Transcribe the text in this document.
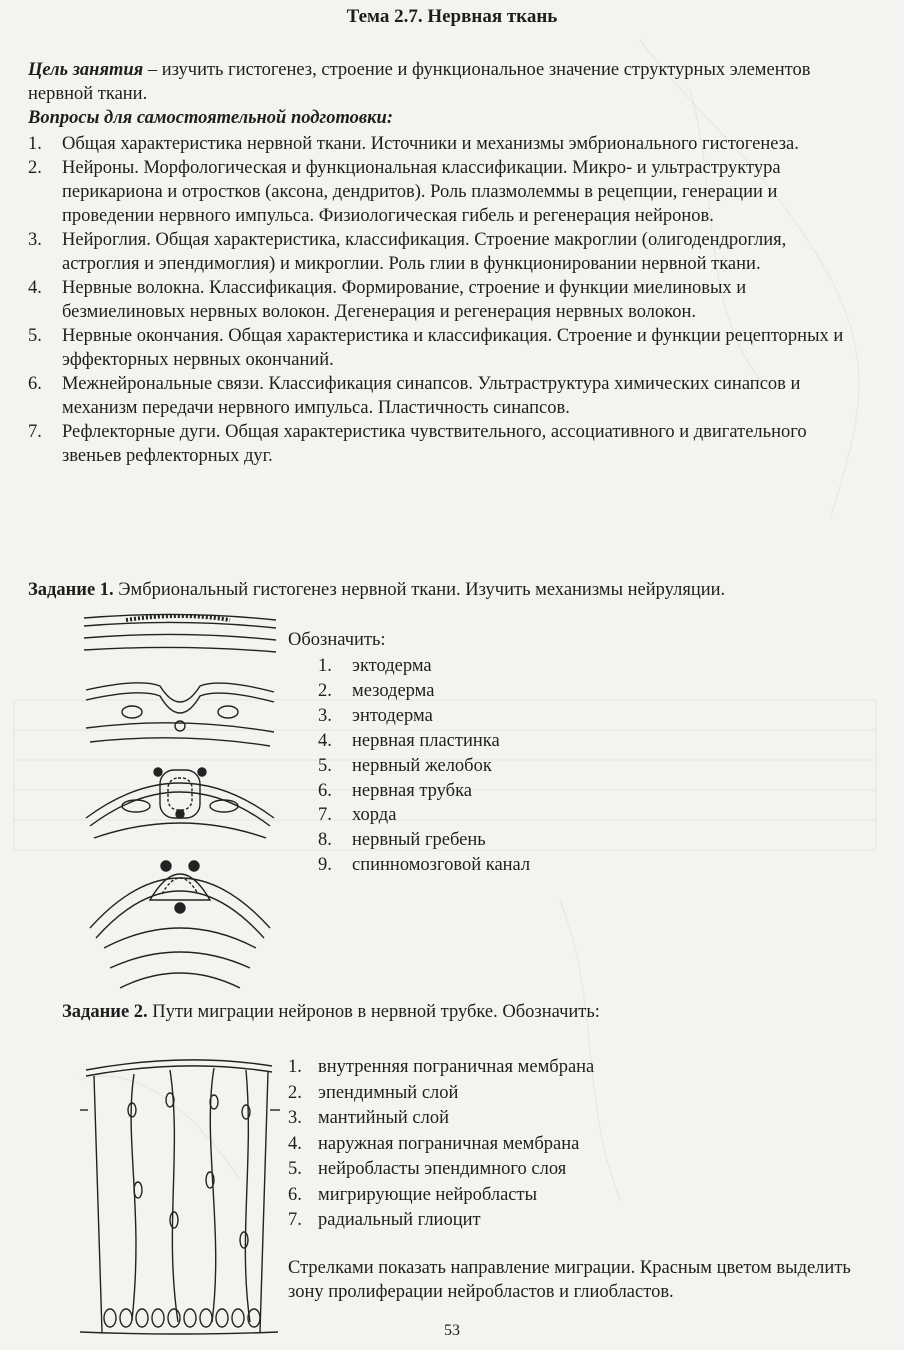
Тема 2.7. Нервная ткань
Цель занятия – изучить гистогенез, строение и функциональное значение структурных элементов нервной ткани.
Вопросы для самостоятельной подготовки:
1. Общая характеристика нервной ткани. Источники и механизмы эмбрионального гистогенеза.
2. Нейроны. Морфологическая и функциональная классификации. Микро- и ультраструктура перикариона и отростков (аксона, дендритов). Роль плазмолеммы в рецепции, генерации и проведении нервного импульса. Физиологическая гибель и регенерация нейронов.
3. Нейроглия. Общая характеристика, классификация. Строение макроглии (олигодендроглия, астроглия и эпендимоглия) и микроглии. Роль глии в функционировании нервной ткани.
4. Нервные волокна. Классификация. Формирование, строение и функции миелиновых и безмиелиновых нервных волокон. Дегенерация и регенерация нервных волокон.
5. Нервные окончания. Общая характеристика и классификация. Строение и функции рецепторных и эффекторных нервных окончаний.
6. Межнейрональные связи. Классификация синапсов. Ультраструктура химических синапсов и механизм передачи нервного импульса. Пластичность синапсов.
7. Рефлекторные дуги. Общая характеристика чувствительного, ассоциативного и двигательного звеньев рефлекторных дуг.
Задание 1. Эмбриональный гистогенез нервной ткани. Изучить механизмы нейруляции.
Обозначить:
1. эктодерма
2. мезодерма
3. энтодерма
4. нервная пластинка
5. нервный желобок
6. нервная трубка
7. хорда
8. нервный гребень
9. спинномозговой канал
Задание 2. Пути миграции нейронов в нервной трубке. Обозначить:
1. внутренняя пограничная мембрана
2. эпендимный слой
3. мантийный слой
4. наружная пограничная мембрана
5. нейробласты эпендимного слоя
6. мигрирующие нейробласты
7. радиальный глиоцит
Стрелками показать направление миграции. Красным цветом выделить зону пролиферации нейробластов и глиобластов.
53
